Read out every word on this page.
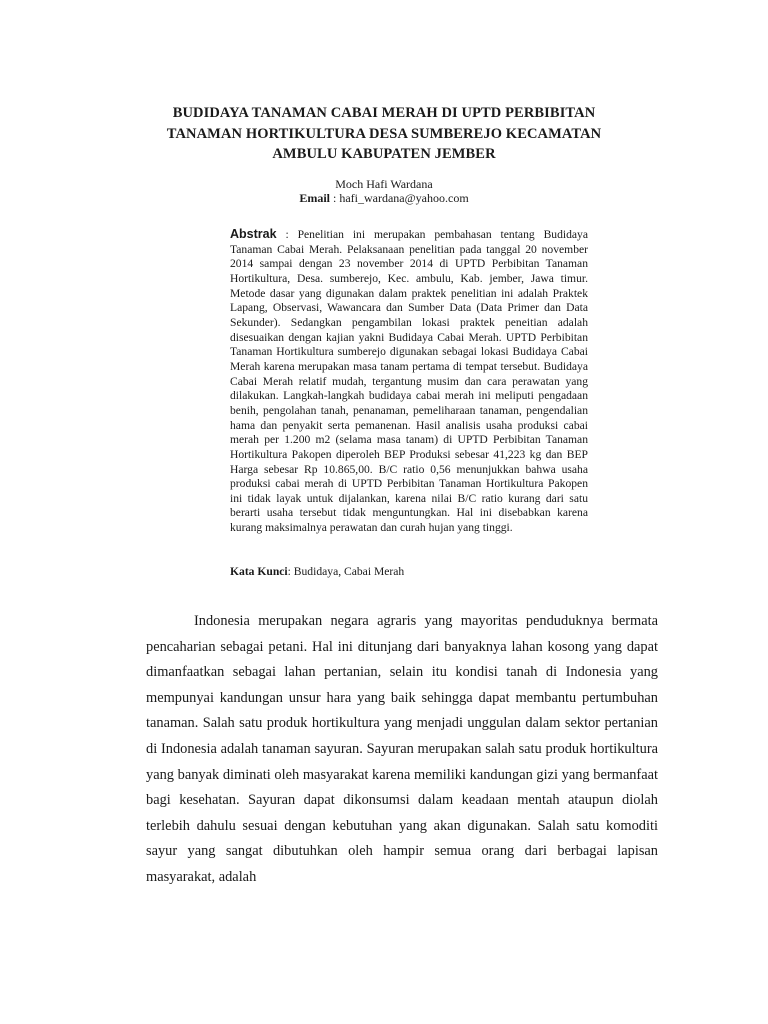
BUDIDAYA TANAMAN CABAI MERAH DI UPTD PERBIBITAN
TANAMAN HORTIKULTURA DESA SUMBEREJO KECAMATAN
AMBULU KABUPATEN JEMBER
Moch Hafi Wardana
Email : hafi_wardana@yahoo.com
Abstrak : Penelitian ini merupakan pembahasan tentang Budidaya Tanaman Cabai Merah. Pelaksanaan penelitian pada tanggal 20 november 2014 sampai dengan 23 november 2014 di UPTD Perbibitan Tanaman Hortikultura, Desa. sumberejo, Kec. ambulu, Kab. jember, Jawa timur. Metode dasar yang digunakan dalam praktek penelitian ini adalah Praktek Lapang, Observasi, Wawancara dan Sumber Data (Data Primer dan Data Sekunder). Sedangkan pengambilan lokasi praktek peneitian adalah disesuaikan dengan kajian yakni Budidaya Cabai Merah. UPTD Perbibitan Tanaman Hortikultura sumberejo digunakan sebagai lokasi Budidaya Cabai Merah karena merupakan masa tanam pertama di tempat tersebut. Budidaya Cabai Merah relatif mudah, tergantung musim dan cara perawatan yang dilakukan. Langkah-langkah budidaya cabai merah ini meliputi pengadaan benih, pengolahan tanah, penanaman, pemeliharaan tanaman, pengendalian hama dan penyakit serta pemanenan. Hasil analisis usaha produksi cabai merah per 1.200 m2 (selama masa tanam) di UPTD Perbibitan Tanaman Hortikultura Pakopen diperoleh BEP Produksi sebesar 41,223 kg dan BEP Harga sebesar Rp 10.865,00. B/C ratio 0,56 menunjukkan bahwa usaha produksi cabai merah di UPTD Perbibitan Tanaman Hortikultura Pakopen ini tidak layak untuk dijalankan, karena nilai B/C ratio kurang dari satu berarti usaha tersebut tidak menguntungkan. Hal ini disebabkan karena kurang maksimalnya perawatan dan curah hujan yang tinggi.
Kata Kunci: Budidaya, Cabai Merah
Indonesia merupakan negara agraris yang mayoritas penduduknya bermata pencaharian sebagai petani. Hal ini ditunjang dari banyaknya lahan kosong yang dapat dimanfaatkan sebagai lahan pertanian, selain itu kondisi tanah di Indonesia yang mempunyai kandungan unsur hara yang baik sehingga dapat membantu pertumbuhan tanaman. Salah satu produk hortikultura yang menjadi unggulan dalam sektor pertanian di Indonesia adalah tanaman sayuran. Sayuran merupakan salah satu produk hortikultura yang banyak diminati oleh masyarakat karena memiliki kandungan gizi yang bermanfaat bagi kesehatan. Sayuran dapat dikonsumsi dalam keadaan mentah ataupun diolah terlebih dahulu sesuai dengan kebutuhan yang akan digunakan. Salah satu komoditi sayur yang sangat dibutuhkan oleh hampir semua orang dari berbagai lapisan masyarakat, adalah
